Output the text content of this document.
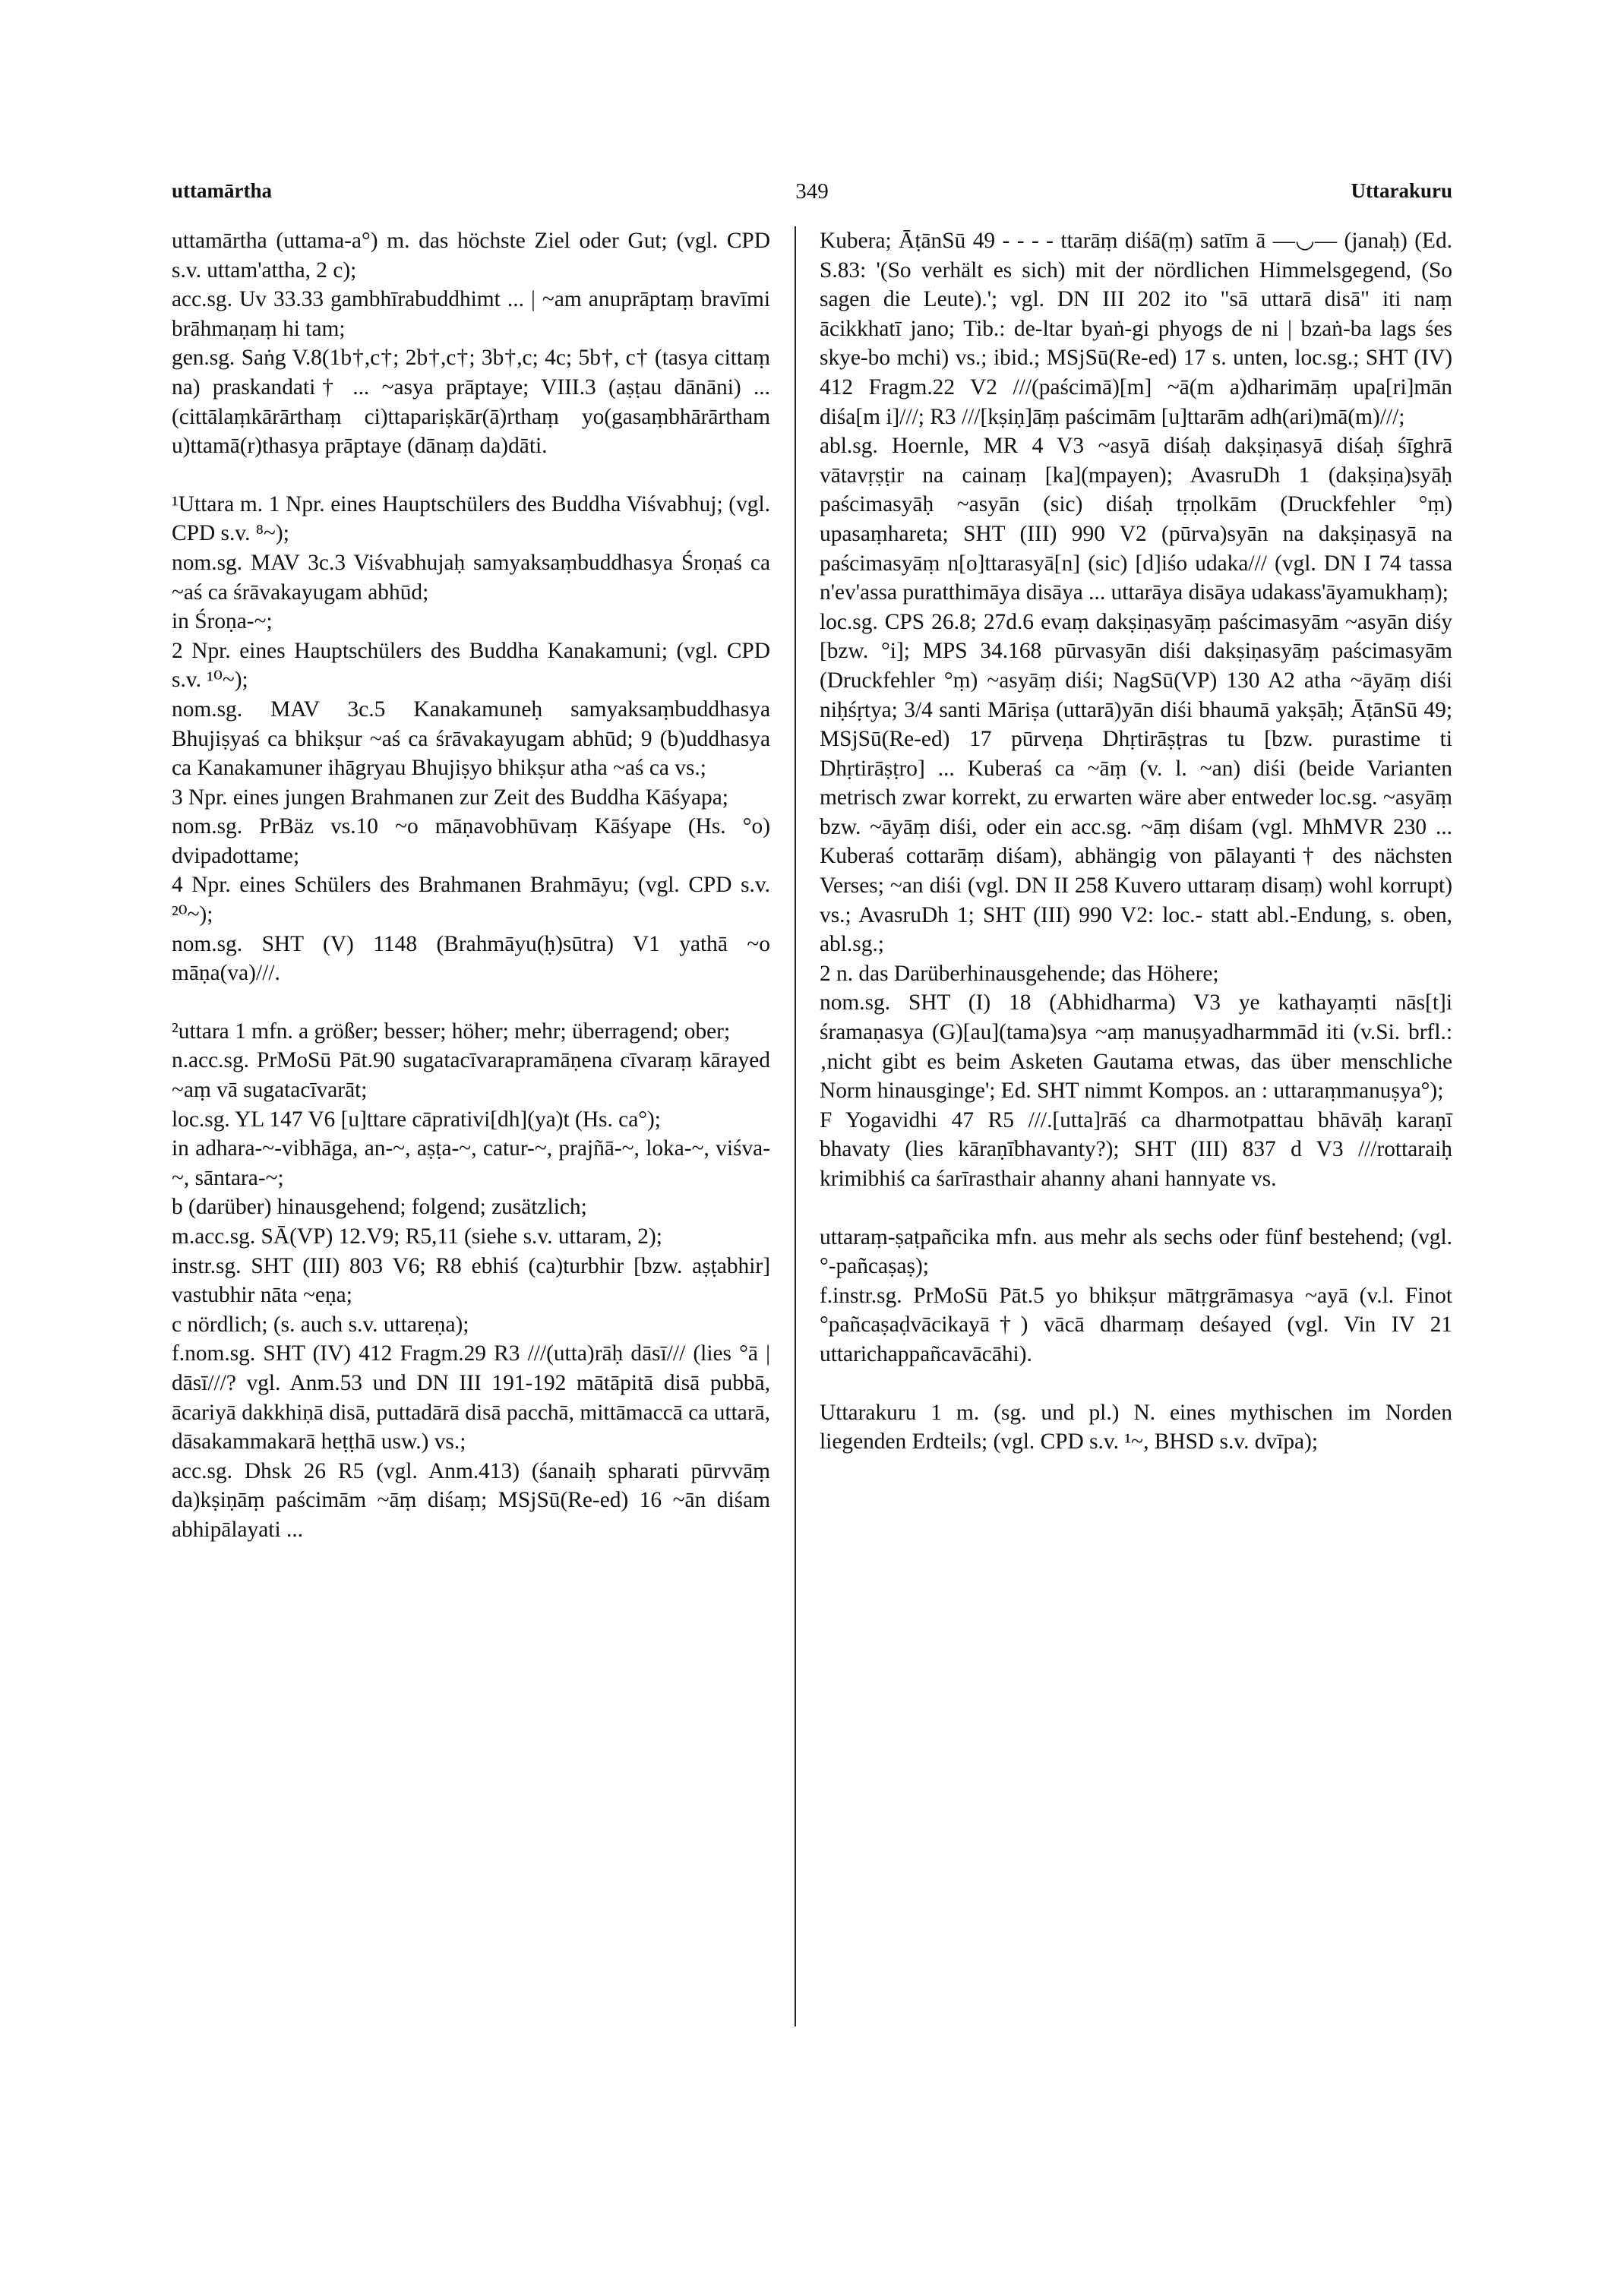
uttamārtha	349	Uttarakuru

uttamārtha (uttama-a°) m. das höchste Ziel oder Gut; (vgl. CPD s.v. uttam'attha, 2 c);

acc.sg. Uv 33.33 gambhīrabuddhimt ... | ~am anuprāptaṃ bravīmi brāhmaṇaṃ hi tam;

gen.sg. Saṅg V.8(1b†,c†; 2b†,c†; 3b†,c; 4c; 5b†, c† (tasya cittaṃ na) praskandati† ... ~asya prāptaye; VIII.3 (aṣṭau dānāni) ... (cittālaṃkārārthaṃ ci)ttapariṣkār(ā)rthaṃ yo(gasaṃbhārārtham u)ttamā(r)thasya prāptaye (dānaṃ da)dāti.

¹Uttara m. 1 Npr. eines Hauptschülers des Buddha Viśvabhuj; (vgl. CPD s.v. ⁸~);

nom.sg. MAV 3c.3 Viśvabhujaḥ samyaksaṃbuddhasya Śroṇaś ca ~aś ca śrāvakayugam abhūd;

in Śroṇa-~;

2 Npr. eines Hauptschülers des Buddha Kanakamuni; (vgl. CPD s.v. ¹⁰~);

nom.sg. MAV 3c.5 Kanakamuneḥ samyaksaṃbuddhasya Bhujiṣyaś ca bhikṣur ~aś ca śrāvakayugam abhūd; 9 (b)uddhasya ca Kanakamuner ihāgryau Bhujiṣyo bhikṣur atha ~aś ca vs.;

3 Npr. eines jungen Brahmanen zur Zeit des Buddha Kāśyapa;

nom.sg. PrBäz vs.10 ~o māṇavobhūvaṃ Kāśyape (Hs. °o) dvipadottame;

4 Npr. eines Schülers des Brahmanen Brahmāyu; (vgl. CPD s.v. ²⁰~);

nom.sg. SHT (V) 1148 (Brahmāyu(ḥ)sūtra) V1 yathā ~o māṇa(va)///.

²uttara 1 mfn. a größer; besser; höher; mehr; überragend; ober;

n.acc.sg. PrMoSū Pāt.90 sugatacīvarapramāṇena cīvaraṃ kārayed ~aṃ vā sugatacīvarāt;

loc.sg. YL 147 V6 [u]ttare cāprativi[dh](ya)t (Hs. ca°);

in adhara-~-vibhāga, an-~, aṣṭa-~, catur-~, prajñā-~, loka-~, viśva-~, sāntara-~;

b (darüber) hinausgehend; folgend; zusätzlich;

m.acc.sg. SĀ(VP) 12.V9; R5,11 (siehe s.v. uttaram, 2);

instr.sg. SHT (III) 803 V6; R8 ebhiś (ca)turbhir [bzw. aṣṭabhir] vastubhir nāta ~eṇa;

c nördlich; (s. auch s.v. uttareṇa);

f.nom.sg. SHT (IV) 412 Fragm.29 R3 ///(utta)rāḥ dāsī/// (lies °ā | dāsī///? vgl. Anm.53 und DN III 191-192 mātāpitā disā pubbā, ācariyā dakkhiṇā disā, puttadārā disā pacchā, mittāmaccā ca uttarā, dāsakammakarā heṭṭhā usw.) vs.;

acc.sg. Dhsk 26 R5 (vgl. Anm.413) (śanaiḥ spharati pūrvvāṃ da)kṣiṇāṃ paścimām ~āṃ diśaṃ; MSjSū(Re-ed) 16 ~ān diśam abhipālayati ...

Kubera; ĀṭānSū 49 - - - - ttarāṃ diśā(ṃ) satīm ā —◡— (janaḥ) (Ed. S.83: '(So verhält es sich) mit der nördlichen Himmelsgegend, (So sagen die Leute).'; vgl. DN III 202 ito "sā uttarā disā" iti naṃ ācikkhatī jano; Tib.: de-ltar byaṅ-gi phyogs de ni | bzaṅ-ba lags śes skye-bo mchi) vs.; ibid.; MSjSū(Re-ed) 17 s. unten, loc.sg.; SHT (IV) 412 Fragm.22 V2 ///(paścimā)[m] ~ā(m a)dharimāṃ upa[ri]mān diśa[m i]///; R3 ///[kṣiṇ]āṃ paścimām [u]ttarām adh(ari)mā(m)///;

abl.sg. Hoernle, MR 4 V3 ~asyā diśaḥ dakṣiṇasyā diśaḥ śīghrā vātavṛṣṭir na cainaṃ [ka](mpayen); AvasruDh 1 (dakṣiṇa)syāḥ paścimasyāḥ ~asyān (sic) diśaḥ tṛṇolkām (Druckfehler °ṃ) upasaṃhareta; SHT (III) 990 V2 (pūrva)syān na dakṣiṇasyā na paścimasyāṃ n[o]ttarasyā[n] (sic) [d]iśo udaka/// (vgl. DN I 74 tassa n'ev'assa puratthimāya disāya ... uttarāya disāya udakass'āyamukhaṃ);

loc.sg. CPS 26.8; 27d.6 evaṃ dakṣiṇasyāṃ paścimasyām ~asyān diśy [bzw. °i]; MPS 34.168 pūrvasyān diśi dakṣiṇasyāṃ paścimasyām (Druckfehler °ṃ) ~asyāṃ diśi; NagSū(VP) 130 A2 atha ~āyāṃ diśi niḥśṛtya; 3/4 santi Māriṣa (uttarā)yān diśi bhaumā yakṣāḥ; ĀṭānSū 49; MSjSū(Re-ed) 17 pūrveṇa Dhṛtirāṣṭras tu [bzw. purastime ti Dhṛtirāṣṭro] ... Kuberaś ca ~āṃ (v. l. ~an) diśi (beide Varianten metrisch zwar korrekt, zu erwarten wäre aber entweder loc.sg. ~asyāṃ bzw. ~āyāṃ diśi, oder ein acc.sg. ~āṃ diśam (vgl. MhMVR 230 ... Kuberaś cottarāṃ diśam), abhängig von pālayanti† des nächsten Verses; ~an diśi (vgl. DN II 258 Kuvero uttaraṃ disaṃ) wohl korrupt) vs.; AvasruDh 1; SHT (III) 990 V2: loc.- statt abl.-Endung, s. oben, abl.sg.;

2 n. das Darüberhinausgehende; das Höhere;

nom.sg. SHT (I) 18 (Abhidharma) V3 ye kathayaṃti nās[t]i śramaṇasya (G)[au](tama)sya ~aṃ manuṣyadharmmād iti (v.Si. brfl.: ‚nicht gibt es beim Asketen Gautama etwas, das über menschliche Norm hinausginge'; Ed. SHT nimmt Kompos. an : uttaraṃmanuṣya°);

F Yogavidhi 47 R5 ///.[utta]rāś ca dharmotpattau bhāvāḥ karaṇī bhavaty (lies kāraṇībhavanty?); SHT (III) 837 d V3 ///rottaraiḥ krimibhiś ca śarīrasthair ahanny ahani hannyate vs.

uttaraṃ-ṣaṭpañcika mfn. aus mehr als sechs oder fünf bestehend; (vgl. °-pañcaṣaṣ);

f.instr.sg. PrMoSū Pāt.5 yo bhikṣur mātṛgrāmasya ~ayā (v.l. Finot °pañcaṣaḍvācikayā†) vācā dharmaṃ deśayed (vgl. Vin IV 21 uttarichappañcavācāhi).

Uttarakuru 1 m. (sg. und pl.) N. eines mythischen im Norden liegenden Erdteils; (vgl. CPD s.v. ¹~, BHSD s.v. dvīpa);
